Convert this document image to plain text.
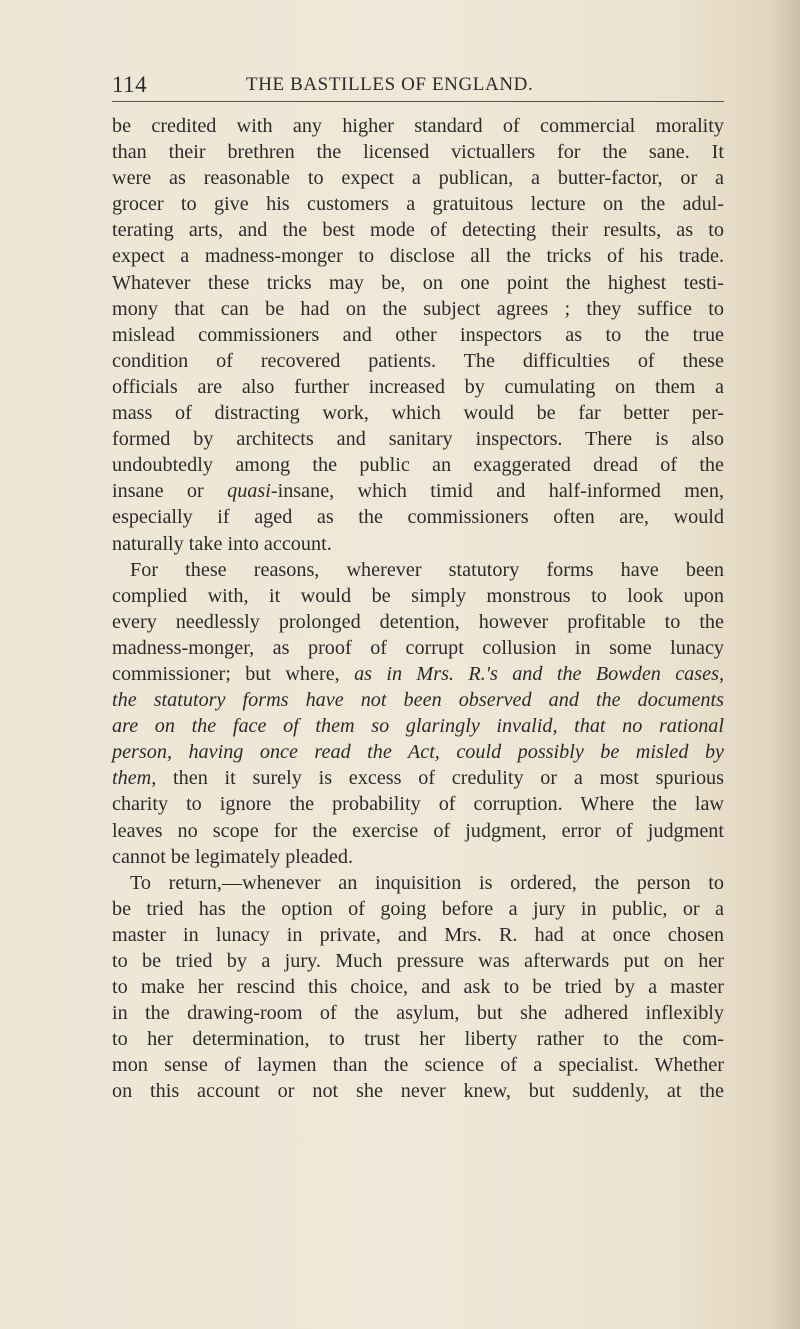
114	THE BASTILLES OF ENGLAND.
be credited with any higher standard of commercial morality
than their brethren the licensed victuallers for the sane. It
were as reasonable to expect a publican, a butter-factor, or a
grocer to give his customers a gratuitous lecture on the adul-
terating arts, and the best mode of detecting their results, as to
expect a madness-monger to disclose all the tricks of his trade.
Whatever these tricks may be, on one point the highest testi-
mony that can be had on the subject agrees ; they suffice to
mislead commissioners and other inspectors as to the true
condition of recovered patients. The difficulties of these
officials are also further increased by cumulating on them a
mass of distracting work, which would be far better per-
formed by architects and sanitary inspectors. There is also
undoubtedly among the public an exaggerated dread of the
insane or quasi-insane, which timid and half-informed men,
especially if aged as the commissioners often are, would
naturally take into account.
For these reasons, wherever statutory forms have been
complied with, it would be simply monstrous to look upon
every needlessly prolonged detention, however profitable to the
madness-monger, as proof of corrupt collusion in some lunacy
commissioner; but where, as in Mrs. R.'s and the Bowden cases,
the statutory forms have not been observed and the documents
are on the face of them so glaringly invalid, that no rational
person, having once read the Act, could possibly be misled by
them, then it surely is excess of credulity or a most spurious
charity to ignore the probability of corruption. Where the law
leaves no scope for the exercise of judgment, error of judgment
cannot be legimately pleaded.
To return,—whenever an inquisition is ordered, the person to
be tried has the option of going before a jury in public, or a
master in lunacy in private, and Mrs. R. had at once chosen
to be tried by a jury. Much pressure was afterwards put on her
to make her rescind this choice, and ask to be tried by a master
in the drawing-room of the asylum, but she adhered inflexibly
to her determination, to trust her liberty rather to the com-
mon sense of laymen than the science of a specialist. Whether
on this account or not she never knew, but suddenly, at the
